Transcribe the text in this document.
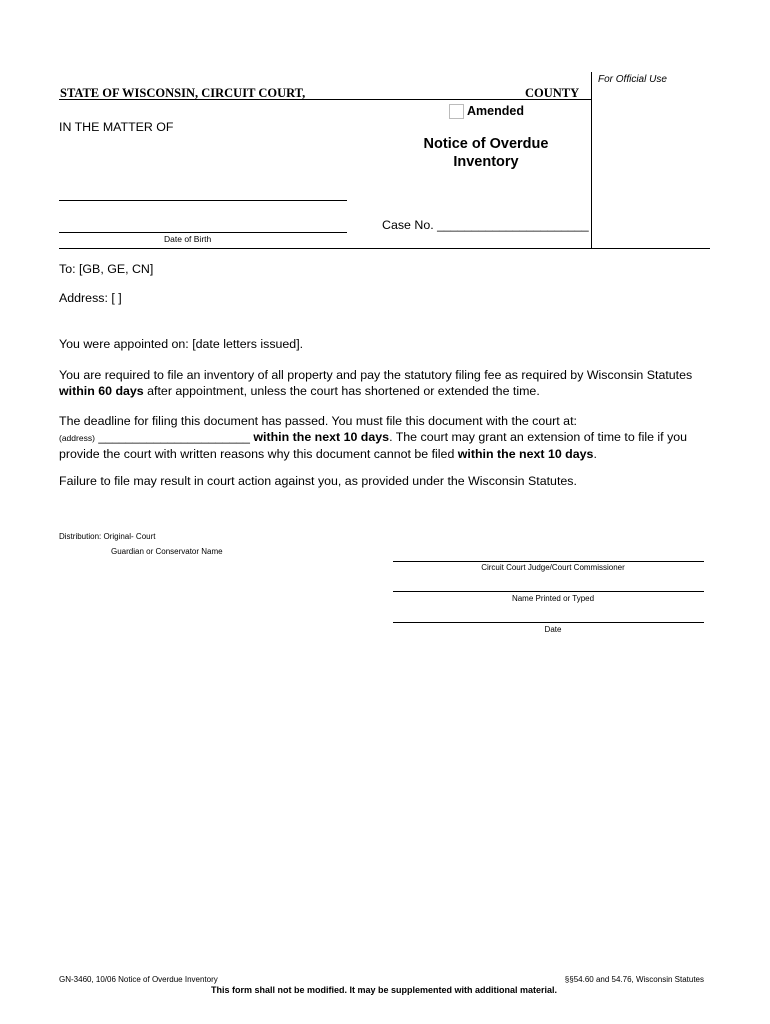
For Official Use
STATE OF WISCONSIN, CIRCUIT COURT,	COUNTY
Amended
IN THE MATTER OF
Notice of Overdue
Inventory
Date of Birth
Case No. ______________________
To: [GB, GE, CN]
Address: [ ]
You were appointed on: [date letters issued].
You are required to file an inventory of all property and pay the statutory filing fee as required by Wisconsin Statutes
within 60 days after appointment, unless the court has shortened or extended the time.
The deadline for filing this document has passed. You must file this document with the court at:
(address) ______________________ within the next 10 days. The court may grant an extension of time to file if you
provide the court with written reasons why this document cannot be filed within the next 10 days.
Failure to file may result in court action against you, as provided under the Wisconsin Statutes.
Distribution: Original- Court
Guardian or Conservator Name
Circuit Court Judge/Court Commissioner
Name Printed or Typed
Date
GN-3460, 10/06 Notice of Overdue Inventory	§§54.60 and 54.76, Wisconsin Statutes
This form shall not be modified. It may be supplemented with additional material.
